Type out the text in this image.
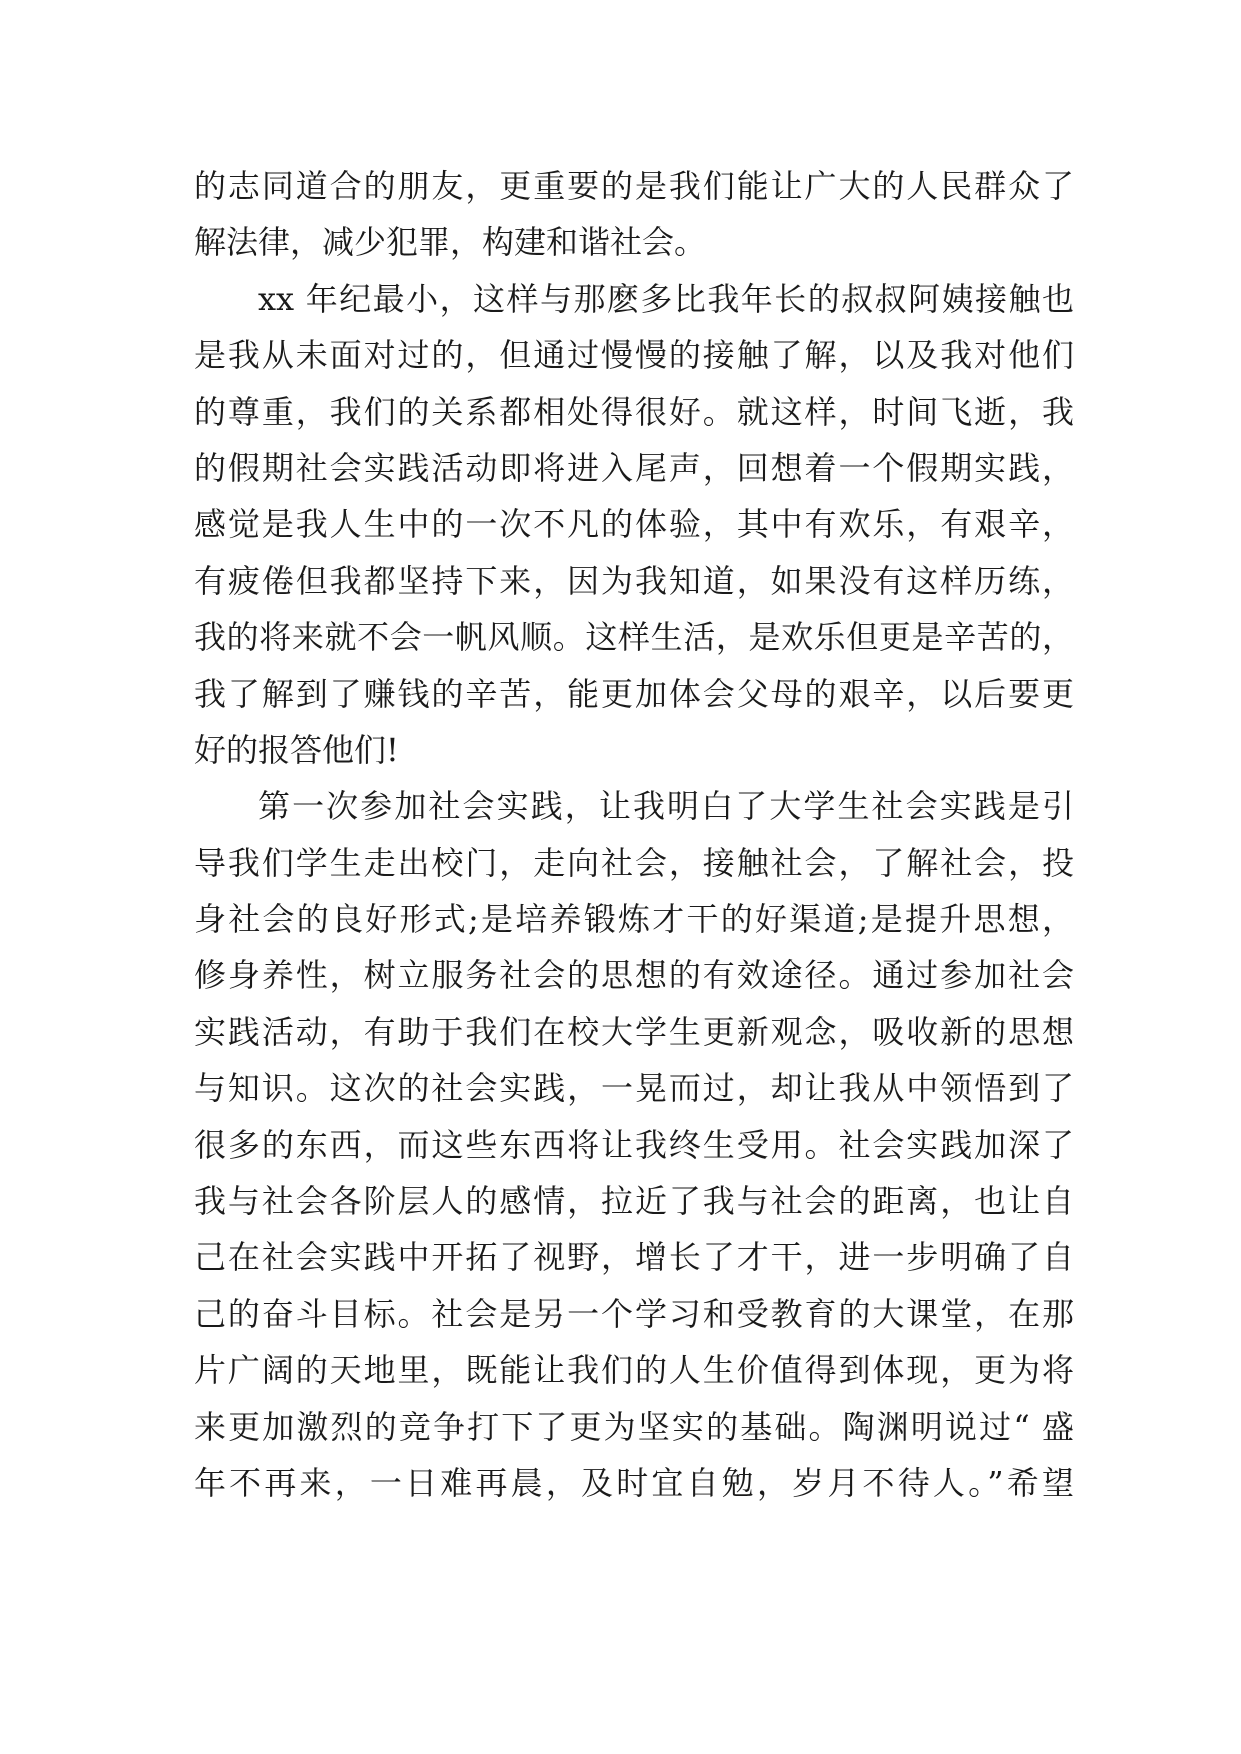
的志同道合的朋友，更重要的是我们能让广大的人民群众了
解法律，减少犯罪，构建和谐社会。
xx 年纪最小，这样与那麽多比我年长的叔叔阿姨接触也
是我从未面对过的，但通过慢慢的接触了解，以及我对他们
的尊重，我们的关系都相处得很好。就这样，时间飞逝，我
的假期社会实践活动即将进入尾声，回想着一个假期实践，
感觉是我人生中的一次不凡的体验，其中有欢乐，有艰辛，
有疲倦但我都坚持下来，因为我知道，如果没有这样历练，
我的将来就不会一帆风顺。这样生活，是欢乐但更是辛苦的，
我了解到了赚钱的辛苦，能更加体会父母的艰辛，以后要更
好的报答他们!
第一次参加社会实践，让我明白了大学生社会实践是引
导我们学生走出校门，走向社会，接触社会，了解社会，投
身社会的良好形式;是培养锻炼才干的好渠道;是提升思想，
修身养性，树立服务社会的思想的有效途径。通过参加社会
实践活动，有助于我们在校大学生更新观念，吸收新的思想
与知识。这次的社会实践，一晃而过，却让我从中领悟到了
很多的东西，而这些东西将让我终生受用。社会实践加深了
我与社会各阶层人的感情，拉近了我与社会的距离，也让自
己在社会实践中开拓了视野，增长了才干，进一步明确了自
己的奋斗目标。社会是另一个学习和受教育的大课堂，在那
片广阔的天地里，既能让我们的人生价值得到体现，更为将
来更加激烈的竞争打下了更为坚实的基础。陶渊明说过“ 盛
年不再来，一日难再晨，及时宜自勉，岁月不待人。”希望
